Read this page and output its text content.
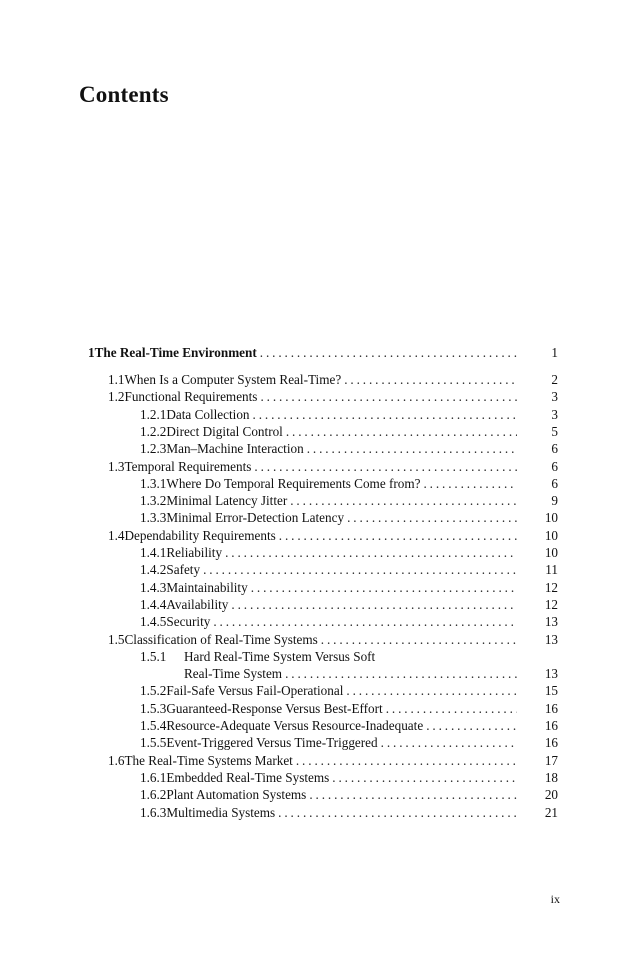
Contents
1 The Real-Time Environment . . .	1
1.1 When Is a Computer System Real-Time? . . .	2
1.2 Functional Requirements . . .	3
1.2.1 Data Collection . . .	3
1.2.2 Direct Digital Control . . .	5
1.2.3 Man–Machine Interaction . . .	6
1.3 Temporal Requirements . . .	6
1.3.1 Where Do Temporal Requirements Come from? . . .	6
1.3.2 Minimal Latency Jitter . . .	9
1.3.3 Minimal Error-Detection Latency . . .	10
1.4 Dependability Requirements . . .	10
1.4.1 Reliability . . .	10
1.4.2 Safety . . .	11
1.4.3 Maintainability . . .	12
1.4.4 Availability . . .	12
1.4.5 Security . . .	13
1.5 Classification of Real-Time Systems . . .	13
1.5.1	Hard Real-Time System Versus Soft
Real-Time System . . .	13
1.5.2 Fail-Safe Versus Fail-Operational . . .	15
1.5.3 Guaranteed-Response Versus Best-Effort . . .	16
1.5.4 Resource-Adequate Versus Resource-Inadequate . . .	16
1.5.5 Event-Triggered Versus Time-Triggered . . .	16
1.6 The Real-Time Systems Market . . .	17
1.6.1 Embedded Real-Time Systems . . .	18
1.6.2 Plant Automation Systems . . .	20
1.6.3 Multimedia Systems . . .	21
ix
